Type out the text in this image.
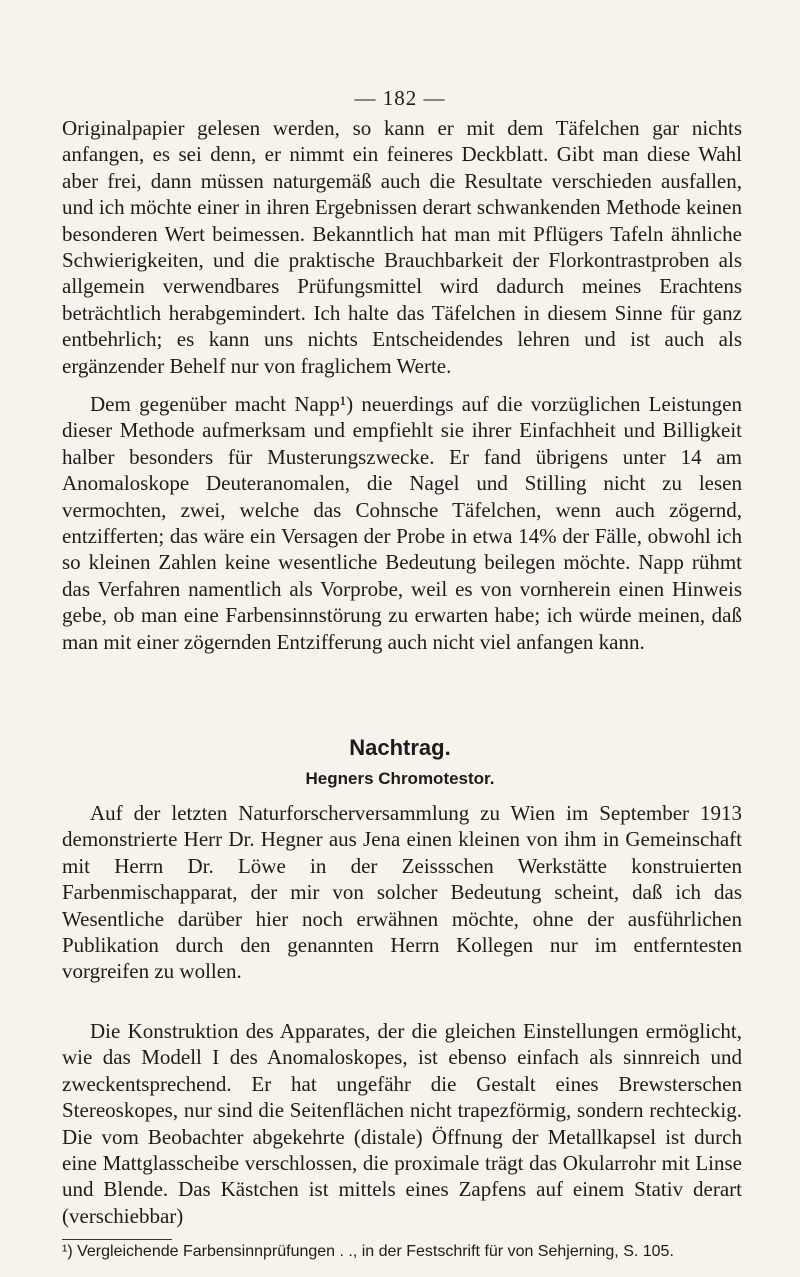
— 182 —

Originalpapier gelesen werden, so kann er mit dem Täfelchen gar nichts anfangen, es sei denn, er nimmt ein feineres Deckblatt. Gibt man diese Wahl aber frei, dann müssen naturgemäß auch die Resultate verschieden ausfallen, und ich möchte einer in ihren Ergebnissen derart schwankenden Methode keinen besonderen Wert beimessen. Bekanntlich hat man mit Pflügers Tafeln ähnliche Schwierigkeiten, und die praktische Brauchbarkeit der Florkontrastproben als allgemein verwendbares Prüfungsmittel wird dadurch meines Erachtens beträchtlich herabgemindert. Ich halte das Täfelchen in diesem Sinne für ganz entbehrlich; es kann uns nichts Entscheidendes lehren und ist auch als ergänzender Behelf nur von fraglichem Werte.

Dem gegenüber macht Napp¹) neuerdings auf die vorzüglichen Leistungen dieser Methode aufmerksam und empfiehlt sie ihrer Einfachheit und Billigkeit halber besonders für Musterungszwecke. Er fand übrigens unter 14 am Anomaloskope Deuteranomalen, die Nagel und Stilling nicht zu lesen vermochten, zwei, welche das Cohnsche Täfelchen, wenn auch zögernd, entzifferten; das wäre ein Versagen der Probe in etwa 14% der Fälle, obwohl ich so kleinen Zahlen keine wesentliche Bedeutung beilegen möchte. Napp rühmt das Verfahren namentlich als Vorprobe, weil es von vornherein einen Hinweis gebe, ob man eine Farbensinnstörung zu erwarten habe; ich würde meinen, daß man mit einer zögernden Entzifferung auch nicht viel anfangen kann.

Nachtrag.
Hegners Chromotestor.

Auf der letzten Naturforscherversammlung zu Wien im September 1913 demonstrierte Herr Dr. Hegner aus Jena einen kleinen von ihm in Gemeinschaft mit Herrn Dr. Löwe in der Zeissschen Werkstätte konstruierten Farbenmischapparat, der mir von solcher Bedeutung scheint, daß ich das Wesentliche darüber hier noch erwähnen möchte, ohne der ausführlichen Publikation durch den genannten Herrn Kollegen nur im entferntesten vorgreifen zu wollen.

Die Konstruktion des Apparates, der die gleichen Einstellungen ermöglicht, wie das Modell I des Anomaloskopes, ist ebenso einfach als sinnreich und zweckentsprechend. Er hat ungefähr die Gestalt eines Brewsterschen Stereoskopes, nur sind die Seitenflächen nicht trapezförmig, sondern rechteckig. Die vom Beobachter abgekehrte (distale) Öffnung der Metallkapsel ist durch eine Mattglasscheibe verschlossen, die proximale trägt das Okularrohr mit Linse und Blende. Das Kästchen ist mittels eines Zapfens auf einem Stativ derart (verschiebbar)

¹) Vergleichende Farbensinnprüfungen . ., in der Festschrift für von Sehjerning, S. 105.
